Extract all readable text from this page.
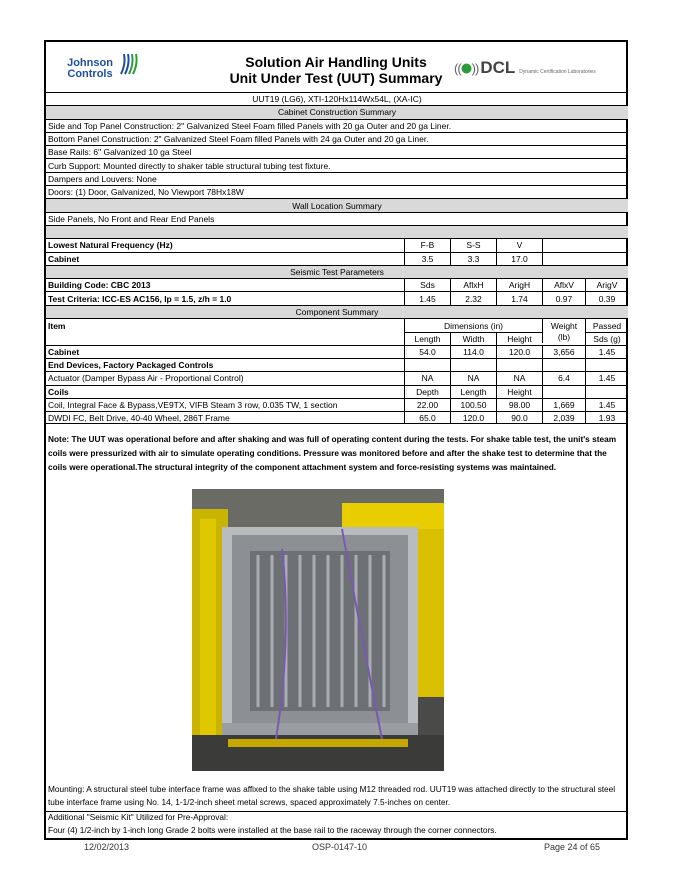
Johnson
Controls
Solution Air Handling Units
Unit Under Test (UUT) Summary
(( )) DCL Dynamic Certification Laboratories
UUT19 (LG6), XTI-120Hx114Wx54L, (XA-IC)
Cabinet Construction Summary
Side and Top Panel Construction: 2" Galvanized Steel Foam filled Panels with 20 ga Outer and 20 ga Liner.
Bottom Panel Construction: 2" Galvanized Steel Foam filled Panels with 24 ga Outer and 20 ga Liner.
Base Rails: 6" Galvanized 10 ga Steel
Curb Support: Mounted directly to shaker table structural tubing test fixture.
Dampers and Louvers: None
Doors: (1) Door, Galvanized, No Viewport 78Hx18W
Wall Location Summary
Side Panels, No Front and Rear End Panels
Lowest Natural Frequency (Hz)	F-B	S-S	V
Cabinet	3.5	3.3	17.0
Seismic Test Parameters
Building Code: CBC 2013	Sds	AflxH	ArigH	AflxV	ArigV
Test Criteria: ICC-ES AC156, Ip = 1.5, z/h = 1.0	1.45	2.32	1.74	0.97	0.39
Component Summary
Item	Dimensions (in)	Weight	Passed
Length	Width	Height	(lb)	Sds (g)
Cabinet	54.0	114.0	120.0	3,656	1.45
End Devices, Factory Packaged Controls
Actuator (Damper Bypass Air - Proportional Control)	NA	NA	NA	6.4	1.45
Coils	Depth	Length	Height
Coil, Integral Face & Bypass,VE9TX, VIFB Steam 3 row, 0.035 TW, 1 section	22.00	100.50	98.00	1,669	1.45
DWDI FC, Belt Drive, 40-40 Wheel, 286T Frame	65.0	120.0	90.0	2,039	1.93
Note: The UUT was operational before and after shaking and was full of operating content during the tests. For shake table test, the unit's steam coils were pressurized with air to simulate operating conditions. Pressure was monitored before and after the shake test to determine that the coils were operational.The structural integrity of the component attachment system and force-resisting systems was maintained.
Mounting: A structural steel tube interface frame was affixed to the shake table using M12 threaded rod. UUT19 was attached directly to the structural steel tube interface frame using No. 14, 1-1/2-inch sheet metal screws, spaced approximately 7.5-inches on center.
Additional "Seismic Kit" Utilized for Pre-Approval:
Four (4) 1/2-inch by 1-inch long Grade 2 bolts were installed at the base rail to the raceway through the corner connectors.
12/02/2013	OSP-0147-10	Page 24 of 65
